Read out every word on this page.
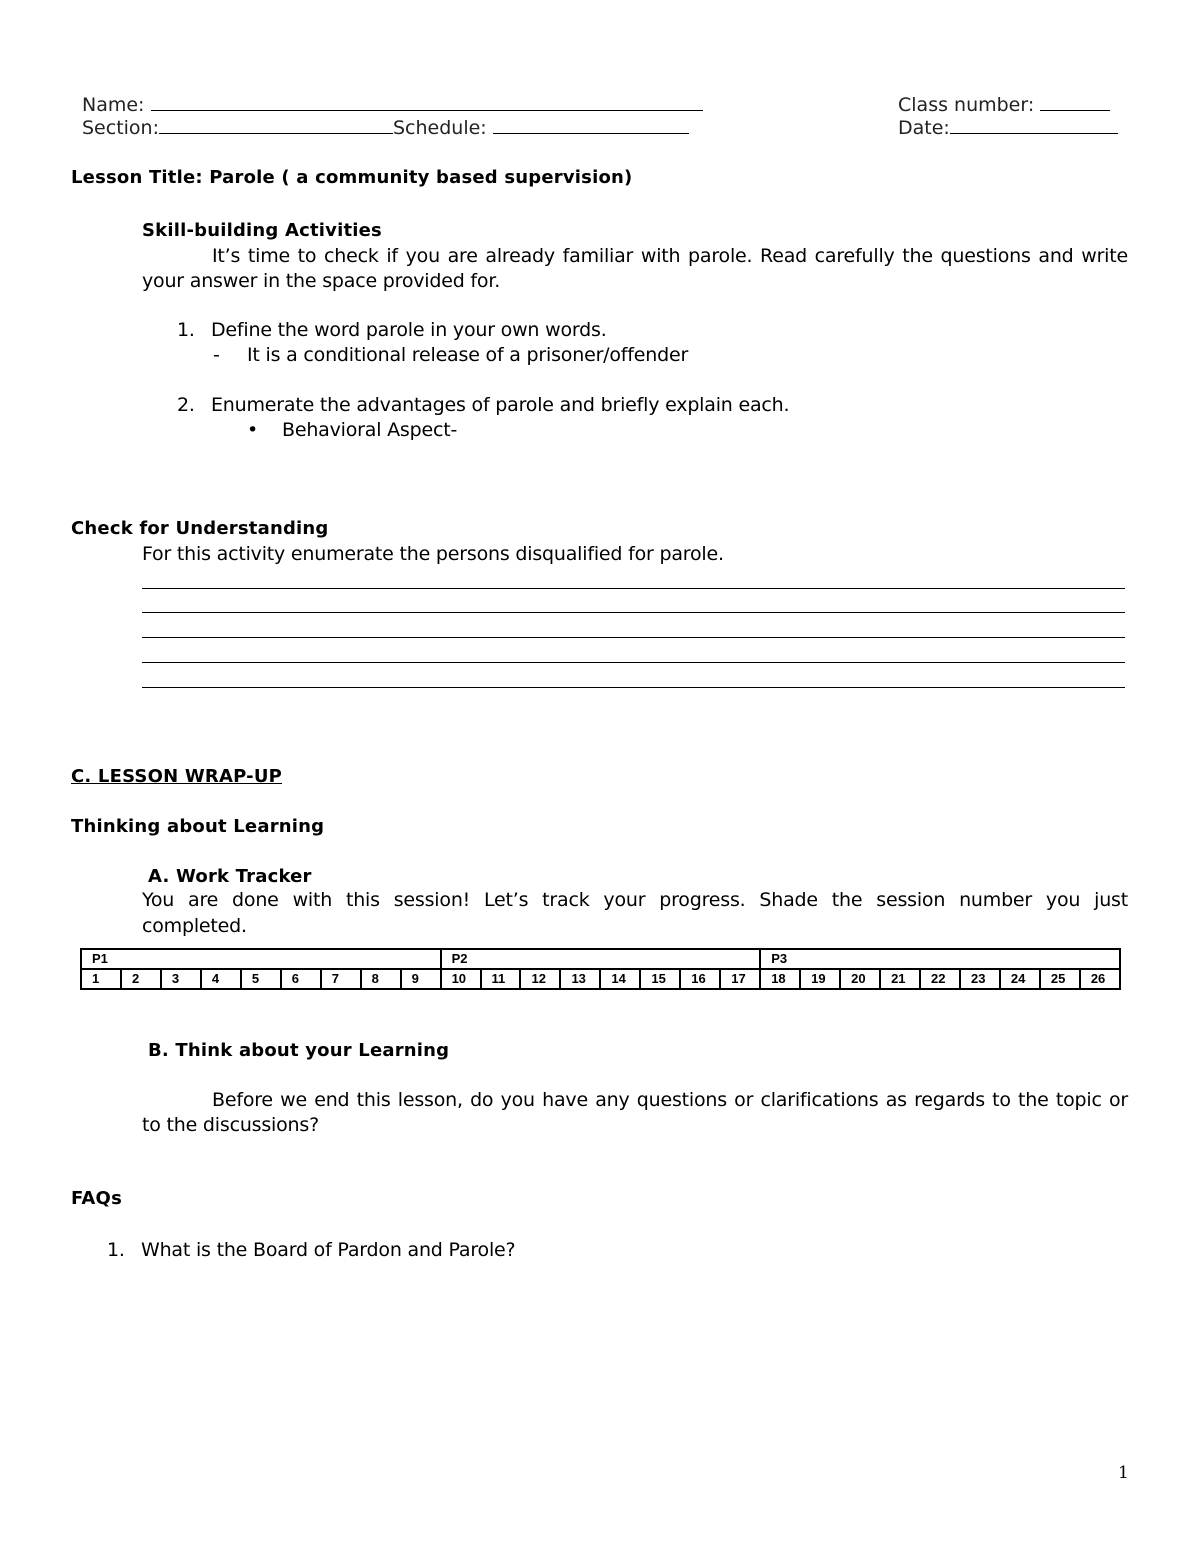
Name:
Section:	Schedule:
Class number:
Date:
Lesson Title: Parole ( a community based supervision)
Skill-building Activities
It’s time to check if you are already familiar with parole. Read carefully the questions and write
your answer in the space provided for.
1. Define the word parole in your own words.
- It is a conditional release of a prisoner/offender
2. Enumerate the advantages of parole and briefly explain each.
• Behavioral Aspect-
Check for Understanding
For this activity enumerate the persons disqualified for parole.
C. LESSON WRAP-UP
Thinking about Learning
A. Work Tracker
You are done with this session! Let’s track your progress. Shade the session number you just
completed.
P1									P2								P3								
1	2	3	4	5	6	7	8	9	10	11	12	13	14	15	16	17	18	19	20	21	22	23	24	25	26
B. Think about your Learning
Before we end this lesson, do you have any questions or clarifications as regards to the topic or
to the discussions?
FAQs
1. What is the Board of Pardon and Parole?
1
